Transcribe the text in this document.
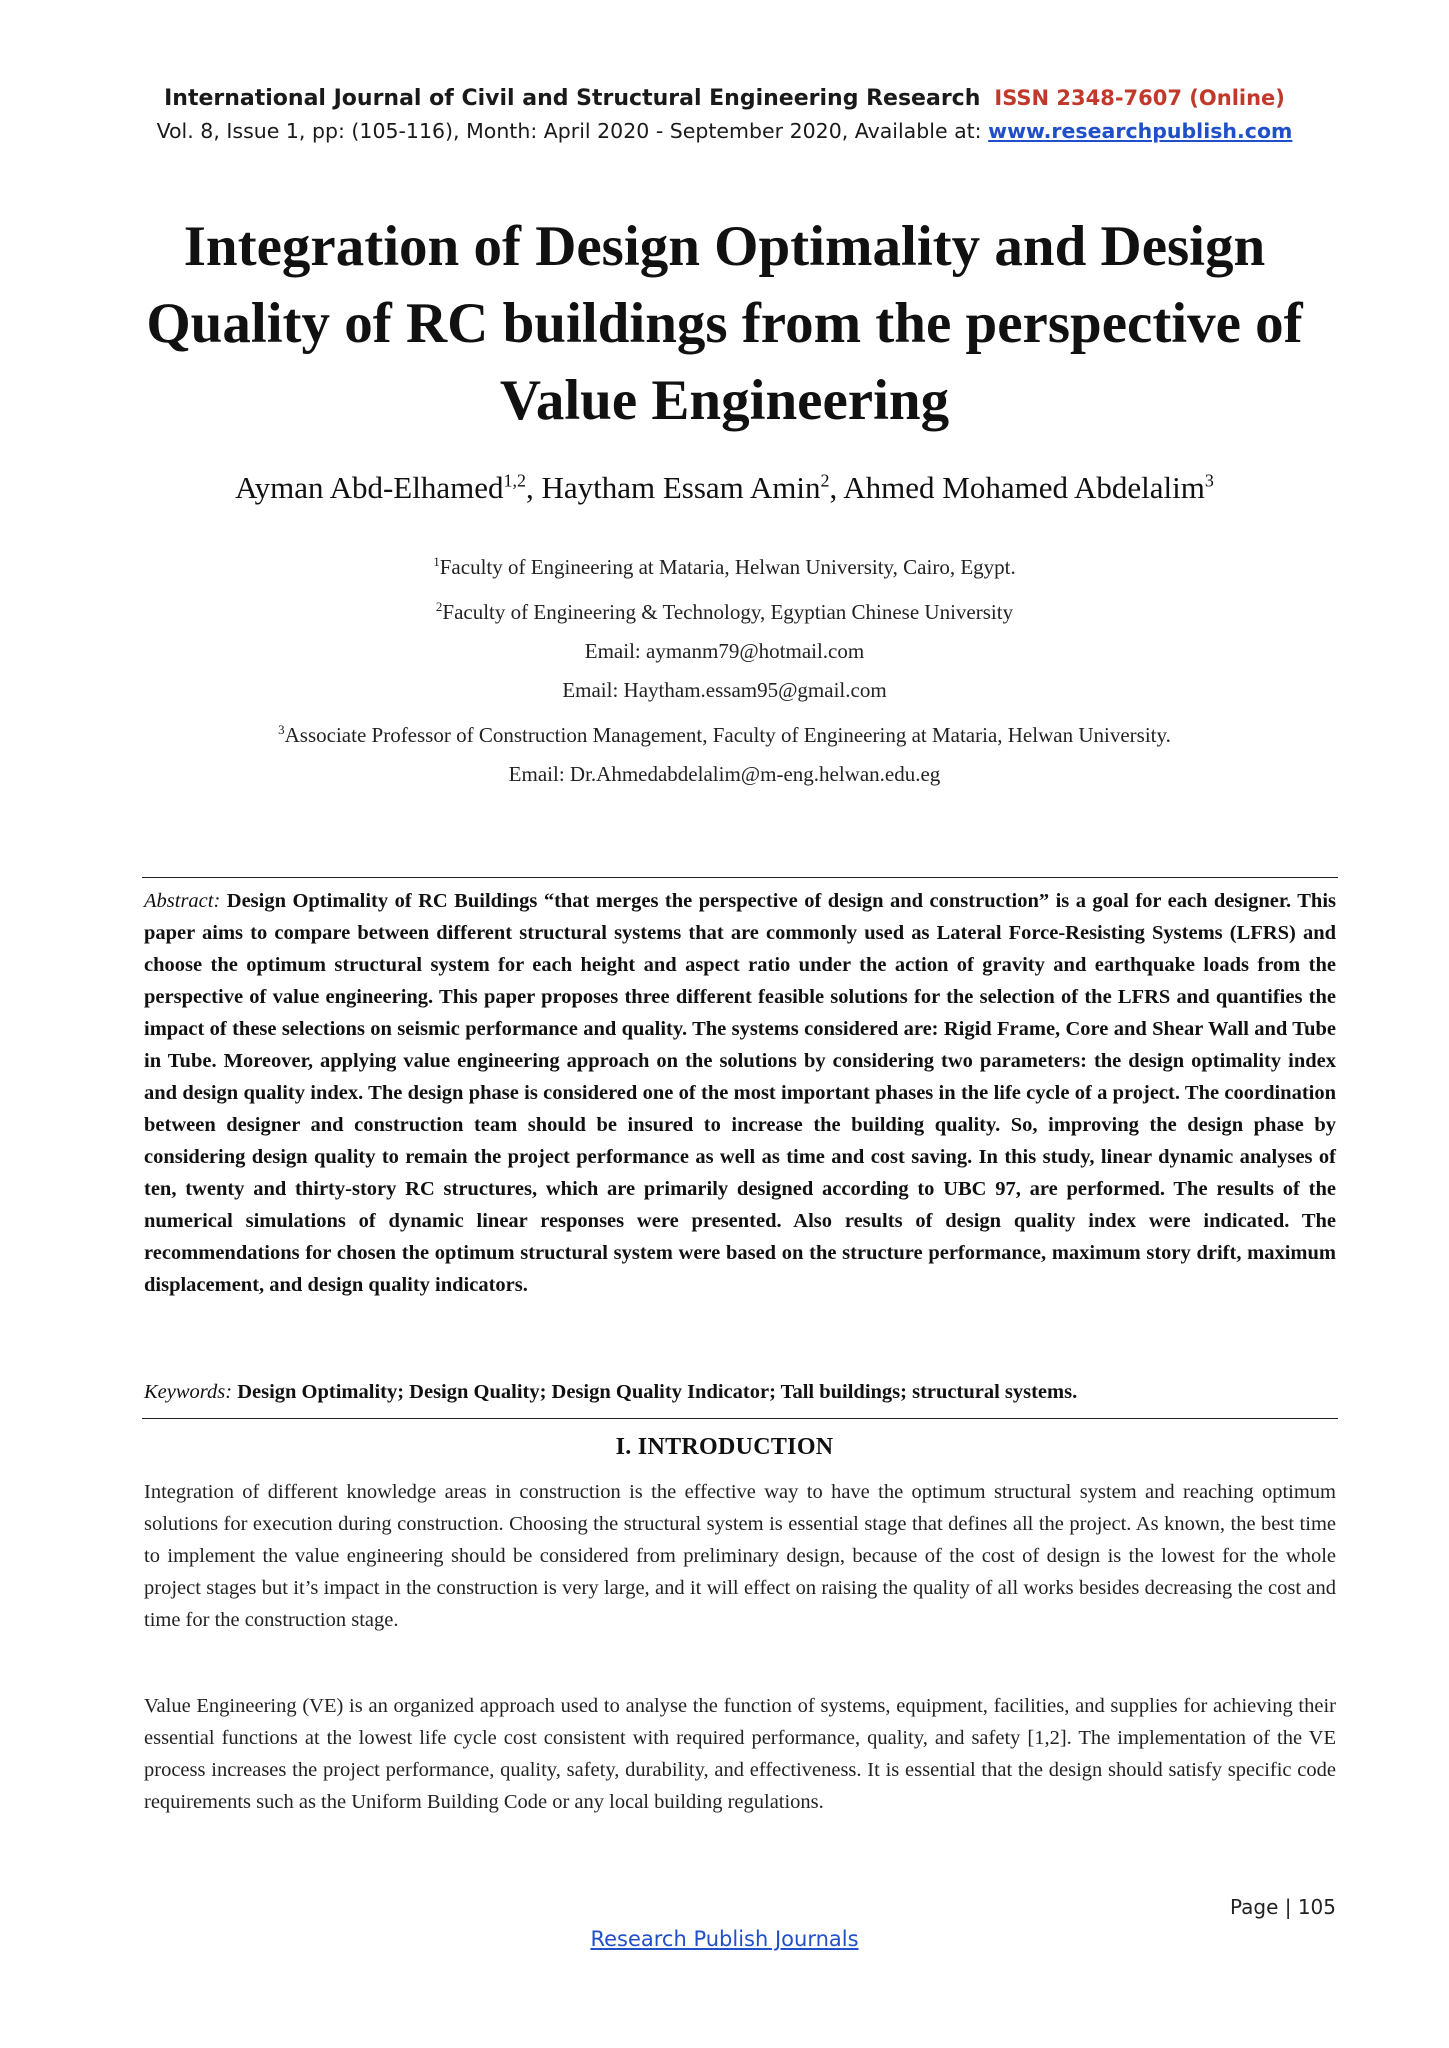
International Journal of Civil and Structural Engineering Research ISSN 2348-7607 (Online)
Vol. 8, Issue 1, pp: (105-116), Month: April 2020 - September 2020, Available at: www.researchpublish.com
Integration of Design Optimality and Design Quality of RC buildings from the perspective of Value Engineering
Ayman Abd-Elhamed$^{1,2}$, Haytham Essam Amin$^2$, Ahmed Mohamed Abdelalim$^3$
$^1$Faculty of Engineering at Mataria, Helwan University, Cairo, Egypt.
$^2$Faculty of Engineering & Technology, Egyptian Chinese University
Email: aymanm79@hotmail.com
Email: Haytham.essam95@gmail.com
$^3$Associate Professor of Construction Management, Faculty of Engineering at Mataria, Helwan University.
Email: Dr.Ahmedabdelalim@m-eng.helwan.edu.eg
Abstract: Design Optimality of RC Buildings “that merges the perspective of design and construction” is a goal for each designer. This paper aims to compare between different structural systems that are commonly used as Lateral Force-Resisting Systems (LFRS) and choose the optimum structural system for each height and aspect ratio under the action of gravity and earthquake loads from the perspective of value engineering. This paper proposes three different feasible solutions for the selection of the LFRS and quantifies the impact of these selections on seismic performance and quality. The systems considered are: Rigid Frame, Core and Shear Wall and Tube in Tube. Moreover, applying value engineering approach on the solutions by considering two parameters: the design optimality index and design quality index. The design phase is considered one of the most important phases in the life cycle of a project. The coordination between designer and construction team should be insured to increase the building quality. So, improving the design phase by considering design quality to remain the project performance as well as time and cost saving. In this study, linear dynamic analyses of ten, twenty and thirty-story RC structures, which are primarily designed according to UBC 97, are performed. The results of the numerical simulations of dynamic linear responses were presented. Also results of design quality index were indicated. The recommendations for chosen the optimum structural system were based on the structure performance, maximum story drift, maximum displacement, and design quality indicators.
Keywords: Design Optimality; Design Quality; Design Quality Indicator; Tall buildings; structural systems.
I. INTRODUCTION
Integration of different knowledge areas in construction is the effective way to have the optimum structural system and reaching optimum solutions for execution during construction. Choosing the structural system is essential stage that defines all the project. As known, the best time to implement the value engineering should be considered from preliminary design, because of the cost of design is the lowest for the whole project stages but it’s impact in the construction is very large, and it will effect on raising the quality of all works besides decreasing the cost and time for the construction stage.
Value Engineering (VE) is an organized approach used to analyse the function of systems, equipment, facilities, and supplies for achieving their essential functions at the lowest life cycle cost consistent with required performance, quality, and safety [1,2]. The implementation of the VE process increases the project performance, quality, safety, durability, and effectiveness. It is essential that the design should satisfy specific code requirements such as the Uniform Building Code or any local building regulations.
Page | 105
Research Publish Journals
